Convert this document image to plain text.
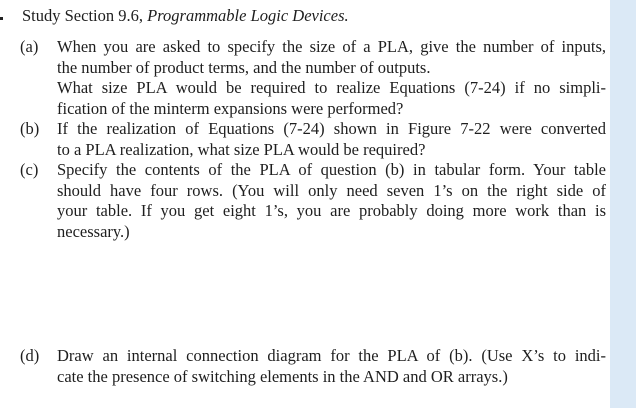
Study Section 9.6, Programmable Logic Devices.
(a)	When you are asked to specify the size of a PLA, give the number of inputs,
the number of product terms, and the number of outputs.
What size PLA would be required to realize Equations (7-24) if no simpli-
fication of the minterm expansions were performed?
(b)	If the realization of Equations (7-24) shown in Figure 7-22 were converted
to a PLA realization, what size PLA would be required?
(c)	Specify the contents of the PLA of question (b) in tabular form. Your table
should have four rows. (You will only need seven 1’s on the right side of
your table. If you get eight 1’s, you are probably doing more work than is
necessary.)
(d)	Draw an internal connection diagram for the PLA of (b). (Use X’s to indi-
cate the presence of switching elements in the AND and OR arrays.)
